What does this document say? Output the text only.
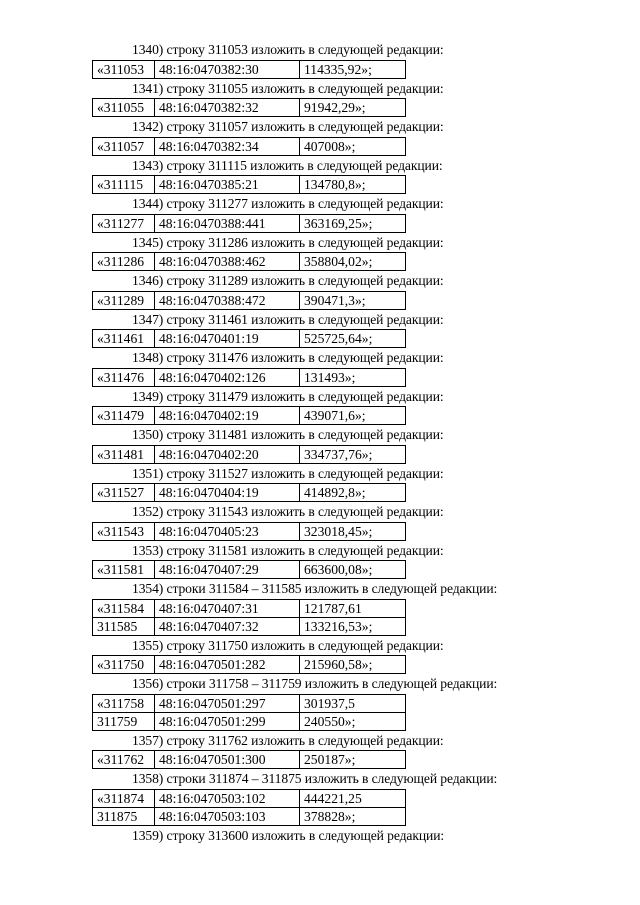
1340) строку 311053 изложить в следующей редакции:
«311053	48:16:0470382:30	114335,92»;
1341) строку 311055 изложить в следующей редакции:
«311055	48:16:0470382:32	91942,29»;
1342) строку 311057 изложить в следующей редакции:
«311057	48:16:0470382:34	407008»;
1343) строку 311115 изложить в следующей редакции:
«311115	48:16:0470385:21	134780,8»;
1344) строку 311277 изложить в следующей редакции:
«311277	48:16:0470388:441	363169,25»;
1345) строку 311286 изложить в следующей редакции:
«311286	48:16:0470388:462	358804,02»;
1346) строку 311289 изложить в следующей редакции:
«311289	48:16:0470388:472	390471,3»;
1347) строку 311461 изложить в следующей редакции:
«311461	48:16:0470401:19	525725,64»;
1348) строку 311476 изложить в следующей редакции:
«311476	48:16:0470402:126	131493»;
1349) строку 311479 изложить в следующей редакции:
«311479	48:16:0470402:19	439071,6»;
1350) строку 311481 изложить в следующей редакции:
«311481	48:16:0470402:20	334737,76»;
1351) строку 311527 изложить в следующей редакции:
«311527	48:16:0470404:19	414892,8»;
1352) строку 311543 изложить в следующей редакции:
«311543	48:16:0470405:23	323018,45»;
1353) строку 311581 изложить в следующей редакции:
«311581	48:16:0470407:29	663600,08»;
1354) строки 311584 – 311585 изложить в следующей редакции:
«311584	48:16:0470407:31	121787,61
311585	48:16:0470407:32	133216,53»;
1355) строку 311750 изложить в следующей редакции:
«311750	48:16:0470501:282	215960,58»;
1356) строки 311758 – 311759 изложить в следующей редакции:
«311758	48:16:0470501:297	301937,5
311759	48:16:0470501:299	240550»;
1357) строку 311762 изложить в следующей редакции:
«311762	48:16:0470501:300	250187»;
1358) строки 311874 – 311875 изложить в следующей редакции:
«311874	48:16:0470503:102	444221,25
311875	48:16:0470503:103	378828»;
1359) строку 313600 изложить в следующей редакции:
